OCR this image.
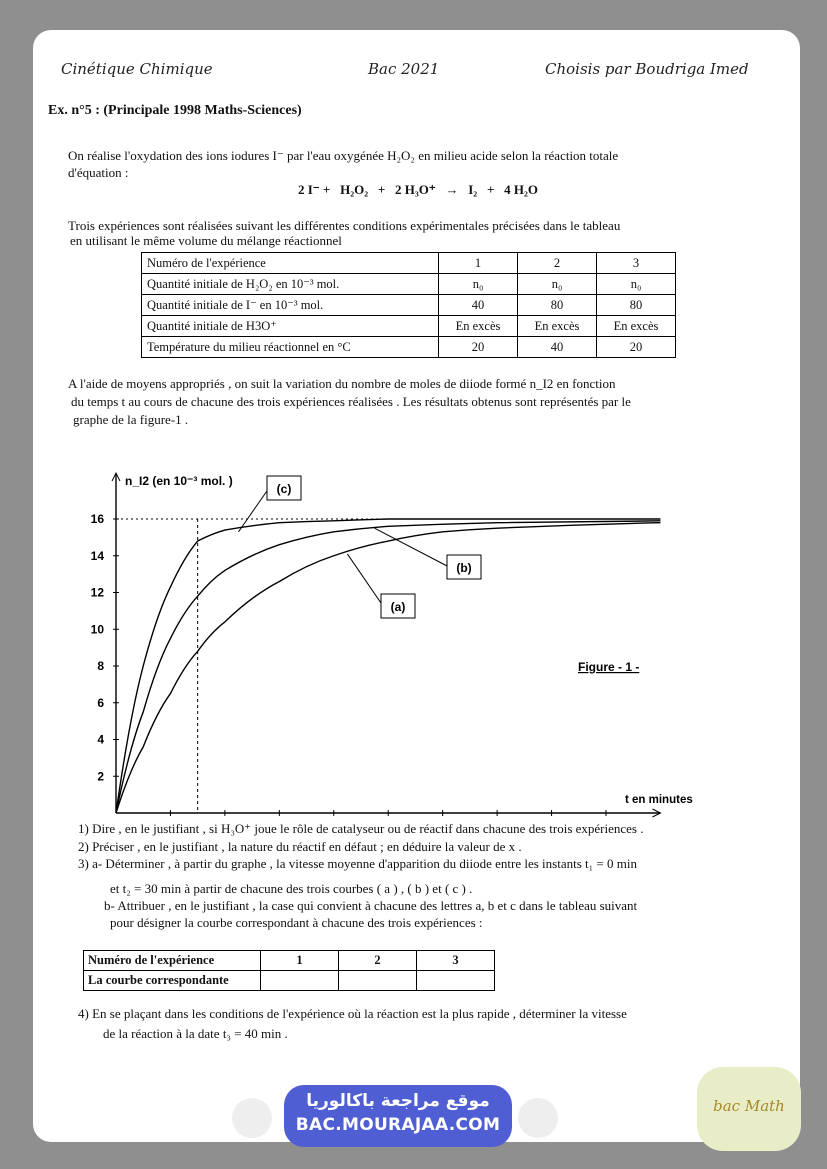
Cinétique Chimique	Bac 2021	Choisis par Boudriga Imed
Ex. n°5 : (Principale 1998 Maths-Sciences)
On réalise l'oxydation des ions iodures I⁻ par l'eau oxygénée H₂O₂ en milieu acide selon la réaction totale
d'équation :
2 I⁻ +   H₂O₂   +   2 H₃O⁺   →   I₂   +   4 H₂O
Trois expériences sont réalisées suivant les différentes conditions expérimentales précisées dans le tableau
en utilisant le même volume du mélange réactionnel
Numéro de l'expérience	1	2	3
Quantité initiale de H₂O₂ en 10⁻³ mol.	n₀	n₀	n₀
Quantité initiale de I⁻ en 10⁻³ mol.	40	80	80
Quantité initiale de H3O⁺	En excès	En excès	En excès
Température du milieu réactionnel en °C	20	40	20
A l'aide de moyens appropriés , on suit la variation du nombre de moles de diiode formé n_I2 en fonction
du temps t au cours de chacune des trois expériences réalisées . Les résultats obtenus sont représentés par le
graphe de la figure-1 .
2
4
6
8
10
12
14
16
(c)
(b)
(a)
n_I2 (en 10⁻³ mol. )
t en minutes
Figure - 1 -
1) Dire , en le justifiant , si H₃O⁺ joue le rôle de catalyseur ou de réactif dans chacune des trois expériences .
2) Préciser , en le justifiant , la nature du réactif en défaut ; en déduire la valeur de x .
3) a- Déterminer , à partir du graphe , la vitesse moyenne d'apparition du diiode entre les instants t₁ = 0 min
et t₂ = 30 min à partir de chacune des trois courbes ( a ) , ( b ) et ( c ) .
b- Attribuer , en le justifiant , la case qui convient à chacune des lettres a, b et c dans le tableau suivant
pour désigner la courbe correspondant à chacune des trois expériences :
Numéro de l'expérience	1	2	3
La courbe correspondante			
4) En se plaçant dans les conditions de l'expérience où la réaction est la plus rapide , déterminer la vitesse
de la réaction à la date t₃ = 40 min .
موقع مراجعة باكالوريا
BAC.MOURAJAA.COM
bac Math
